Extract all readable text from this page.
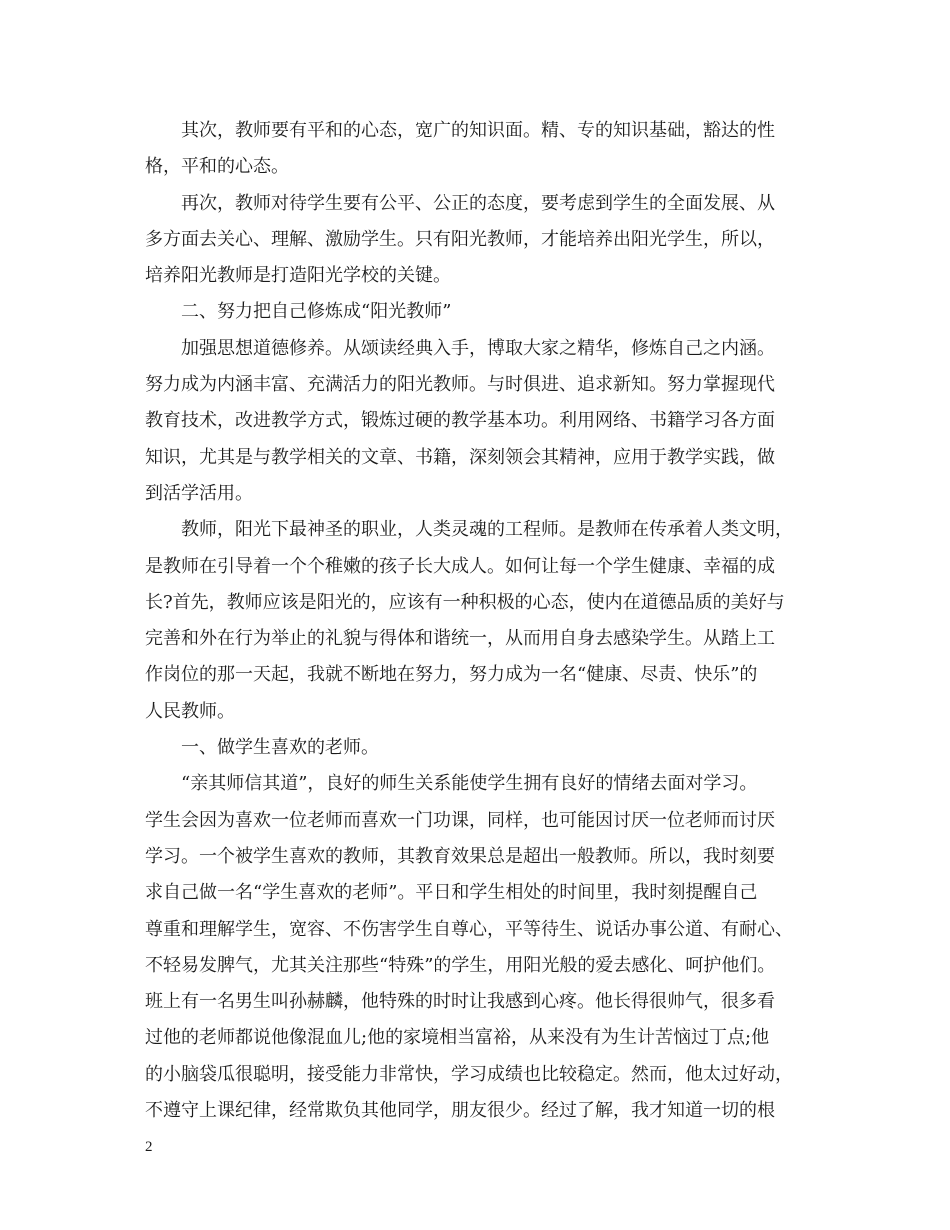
其次，教师要有平和的心态，宽广的知识面。精、专的知识基础，豁达的性
格，平和的心态。
再次，教师对待学生要有公平、公正的态度，要考虑到学生的全面发展、从
多方面去关心、理解、激励学生。只有阳光教师，才能培养出阳光学生，所以，
培养阳光教师是打造阳光学校的关键。
二、努力把自己修炼成“阳光教师”
加强思想道德修养。从颂读经典入手，博取大家之精华，修炼自己之内涵。
努力成为内涵丰富、充满活力的阳光教师。与时俱进、追求新知。努力掌握现代
教育技术，改进教学方式，锻炼过硬的教学基本功。利用网络、书籍学习各方面
知识，尤其是与教学相关的文章、书籍，深刻领会其精神，应用于教学实践，做
到活学活用。
教师，阳光下最神圣的职业，人类灵魂的工程师。是教师在传承着人类文明，
是教师在引导着一个个稚嫩的孩子长大成人。如何让每一个学生健康、幸福的成
长?首先，教师应该是阳光的，应该有一种积极的心态，使内在道德品质的美好与
完善和外在行为举止的礼貌与得体和谐统一，从而用自身去感染学生。从踏上工
作岗位的那一天起，我就不断地在努力，努力成为一名“健康、尽责、快乐”的
人民教师。
一、做学生喜欢的老师。
“亲其师信其道”，良好的师生关系能使学生拥有良好的情绪去面对学习。
学生会因为喜欢一位老师而喜欢一门功课，同样，也可能因讨厌一位老师而讨厌
学习。一个被学生喜欢的教师，其教育效果总是超出一般教师。所以，我时刻要
求自己做一名“学生喜欢的老师”。平日和学生相处的时间里，我时刻提醒自己
尊重和理解学生，宽容、不伤害学生自尊心，平等待生、说话办事公道、有耐心、
不轻易发脾气，尤其关注那些“特殊”的学生，用阳光般的爱去感化、呵护他们。
班上有一名男生叫孙赫麟，他特殊的时时让我感到心疼。他长得很帅气，很多看
过他的老师都说他像混血儿;他的家境相当富裕，从来没有为生计苦恼过丁点;他
的小脑袋瓜很聪明，接受能力非常快，学习成绩也比较稳定。然而，他太过好动，
不遵守上课纪律，经常欺负其他同学，朋友很少。经过了解，我才知道一切的根
2
